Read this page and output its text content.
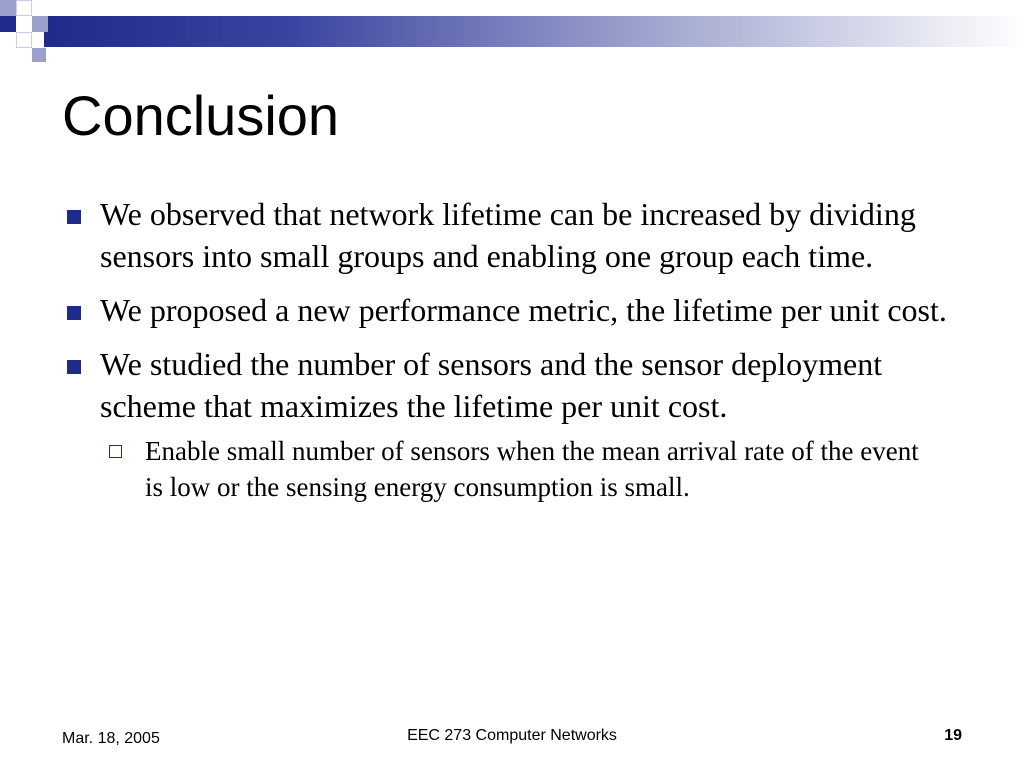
Conclusion
We observed that network lifetime can be increased by dividing sensors into small groups and enabling one group each time.
We proposed a new performance metric, the lifetime per unit cost.
We studied the number of sensors and the sensor deployment scheme that maximizes the lifetime per unit cost.
Enable small number of sensors when the mean arrival rate of the event is low or the sensing energy consumption is small.
Mar. 18, 2005	EEC 273 Computer Networks	19
